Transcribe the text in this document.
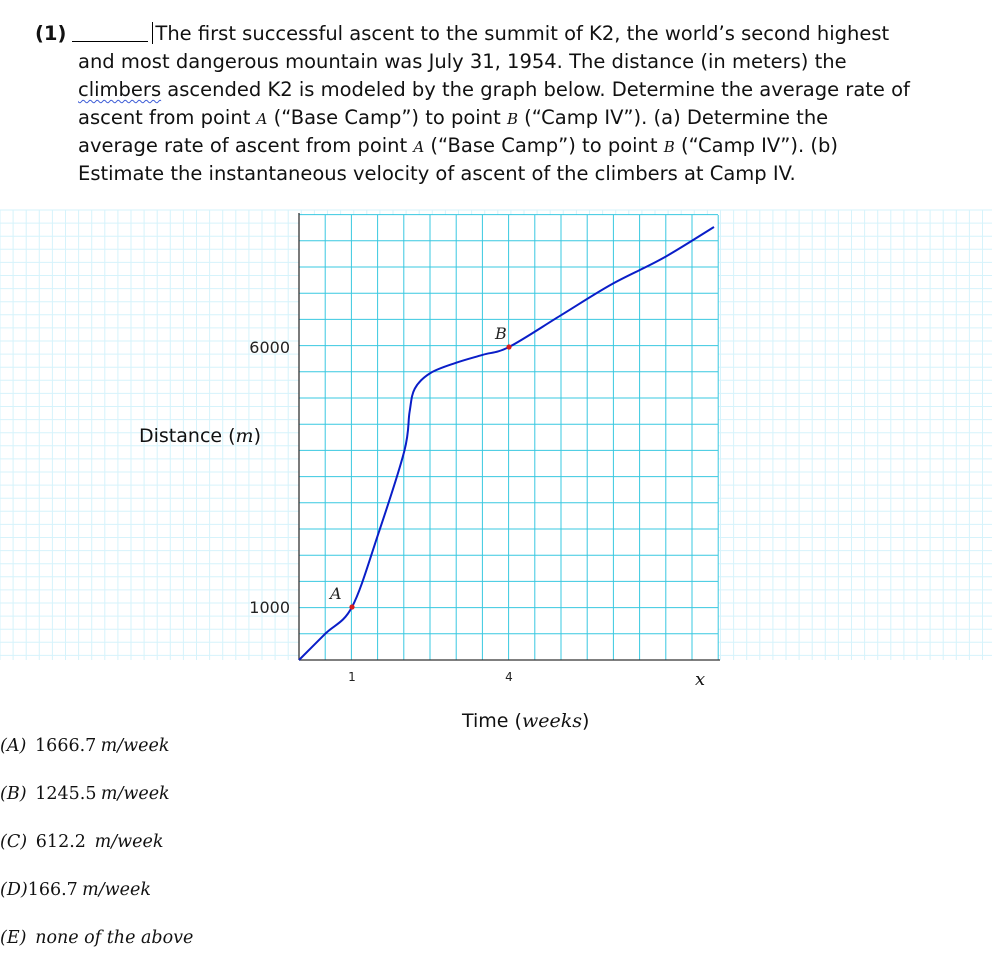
(1)	The first successful ascent to the summit of K2, the world’s second highest
and most dangerous mountain was July 31, 1954. The distance (in meters) the
climbers ascended K2 is modeled by the graph below. Determine the average rate of
ascent from point A (“Base Camp”) to point B (“Camp IV”). (a) Determine the
average rate of ascent from point A (“Base Camp”) to point B (“Camp IV”). (b)
Estimate the instantaneous velocity of ascent of the climbers at Camp IV.
A
B
1	4
1000
6000
Distance (m)
x
Time (weeks)
(A)   1666.7  m/week
(B)   1245.5  m/week
(C)   612.2   m/week
(D)166.7  m/week
(E)   none of the above
